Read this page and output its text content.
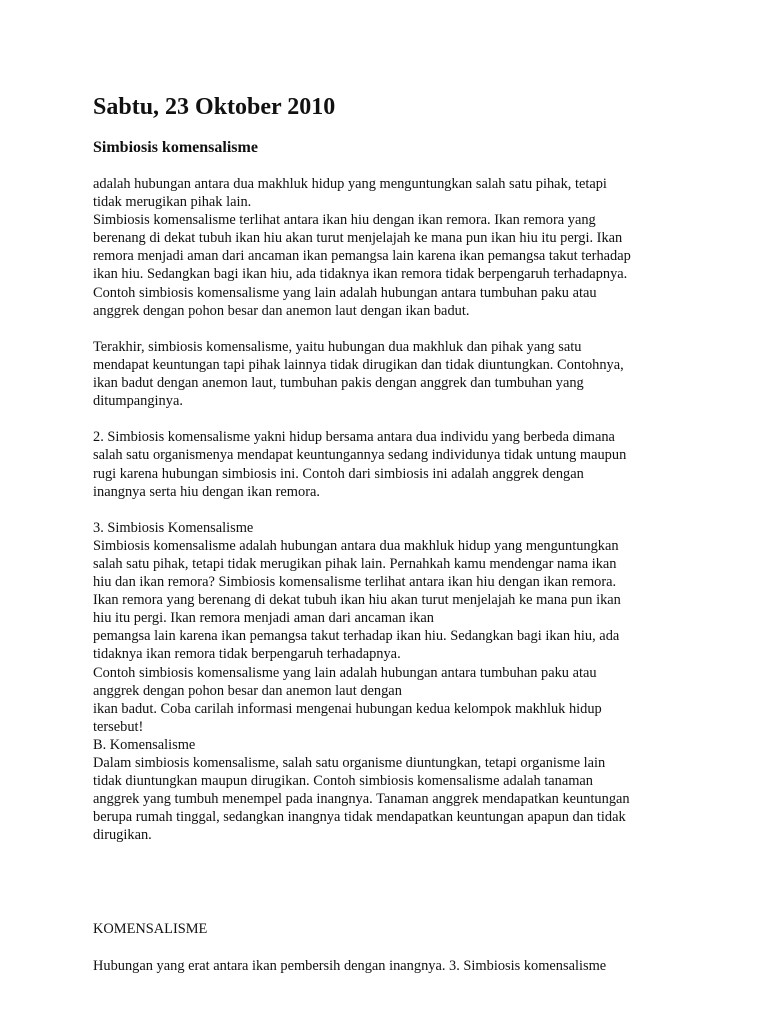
Sabtu, 23 Oktober 2010
Simbiosis komensalisme
adalah hubungan antara dua makhluk hidup yang menguntungkan salah satu pihak, tetapi
tidak merugikan pihak lain.
Simbiosis komensalisme terlihat antara ikan hiu dengan ikan remora. Ikan remora yang
berenang di dekat tubuh ikan hiu akan turut menjelajah ke mana pun ikan hiu itu pergi. Ikan
remora menjadi aman dari ancaman ikan pemangsa lain karena ikan pemangsa takut terhadap
ikan hiu. Sedangkan bagi ikan hiu, ada tidaknya ikan remora tidak berpengaruh terhadapnya.
Contoh simbiosis komensalisme yang lain adalah hubungan antara tumbuhan paku atau
anggrek dengan pohon besar dan anemon laut dengan ikan badut.
Terakhir, simbiosis komensalisme, yaitu hubungan dua makhluk dan pihak yang satu
mendapat keuntungan tapi pihak lainnya tidak dirugikan dan tidak diuntungkan. Contohnya,
ikan badut dengan anemon laut, tumbuhan pakis dengan anggrek dan tumbuhan yang
ditumpanginya.
2. Simbiosis komensalisme yakni hidup bersama antara dua individu yang berbeda dimana
salah satu organismenya mendapat keuntungannya sedang individunya tidak untung maupun
rugi karena hubungan simbiosis ini. Contoh dari simbiosis ini adalah anggrek dengan
inangnya serta hiu dengan ikan remora.
3. Simbiosis Komensalisme
Simbiosis komensalisme adalah hubungan antara dua makhluk hidup yang menguntungkan
salah satu pihak, tetapi tidak merugikan pihak lain. Pernahkah kamu mendengar nama ikan
hiu dan ikan remora? Simbiosis komensalisme terlihat antara ikan hiu dengan ikan remora.
Ikan remora yang berenang di dekat tubuh ikan hiu akan turut menjelajah ke mana pun ikan
hiu itu pergi. Ikan remora menjadi aman dari ancaman ikan
pemangsa lain karena ikan pemangsa takut terhadap ikan hiu. Sedangkan bagi ikan hiu, ada
tidaknya ikan remora tidak berpengaruh terhadapnya.
Contoh simbiosis komensalisme yang lain adalah hubungan antara tumbuhan paku atau
anggrek dengan pohon besar dan anemon laut dengan
ikan badut. Coba carilah informasi mengenai hubungan kedua kelompok makhluk hidup
tersebut!
B. Komensalisme
Dalam simbiosis komensalisme, salah satu organisme diuntungkan, tetapi organisme lain
tidak diuntungkan maupun dirugikan. Contoh simbiosis komensalisme adalah tanaman
anggrek yang tumbuh menempel pada inangnya. Tanaman anggrek mendapatkan keuntungan
berupa rumah tinggal, sedangkan inangnya tidak mendapatkan keuntungan apapun dan tidak
dirugikan.
KOMENSALISME
Hubungan yang erat antara ikan pembersih dengan inangnya. 3. Simbiosis komensalisme
